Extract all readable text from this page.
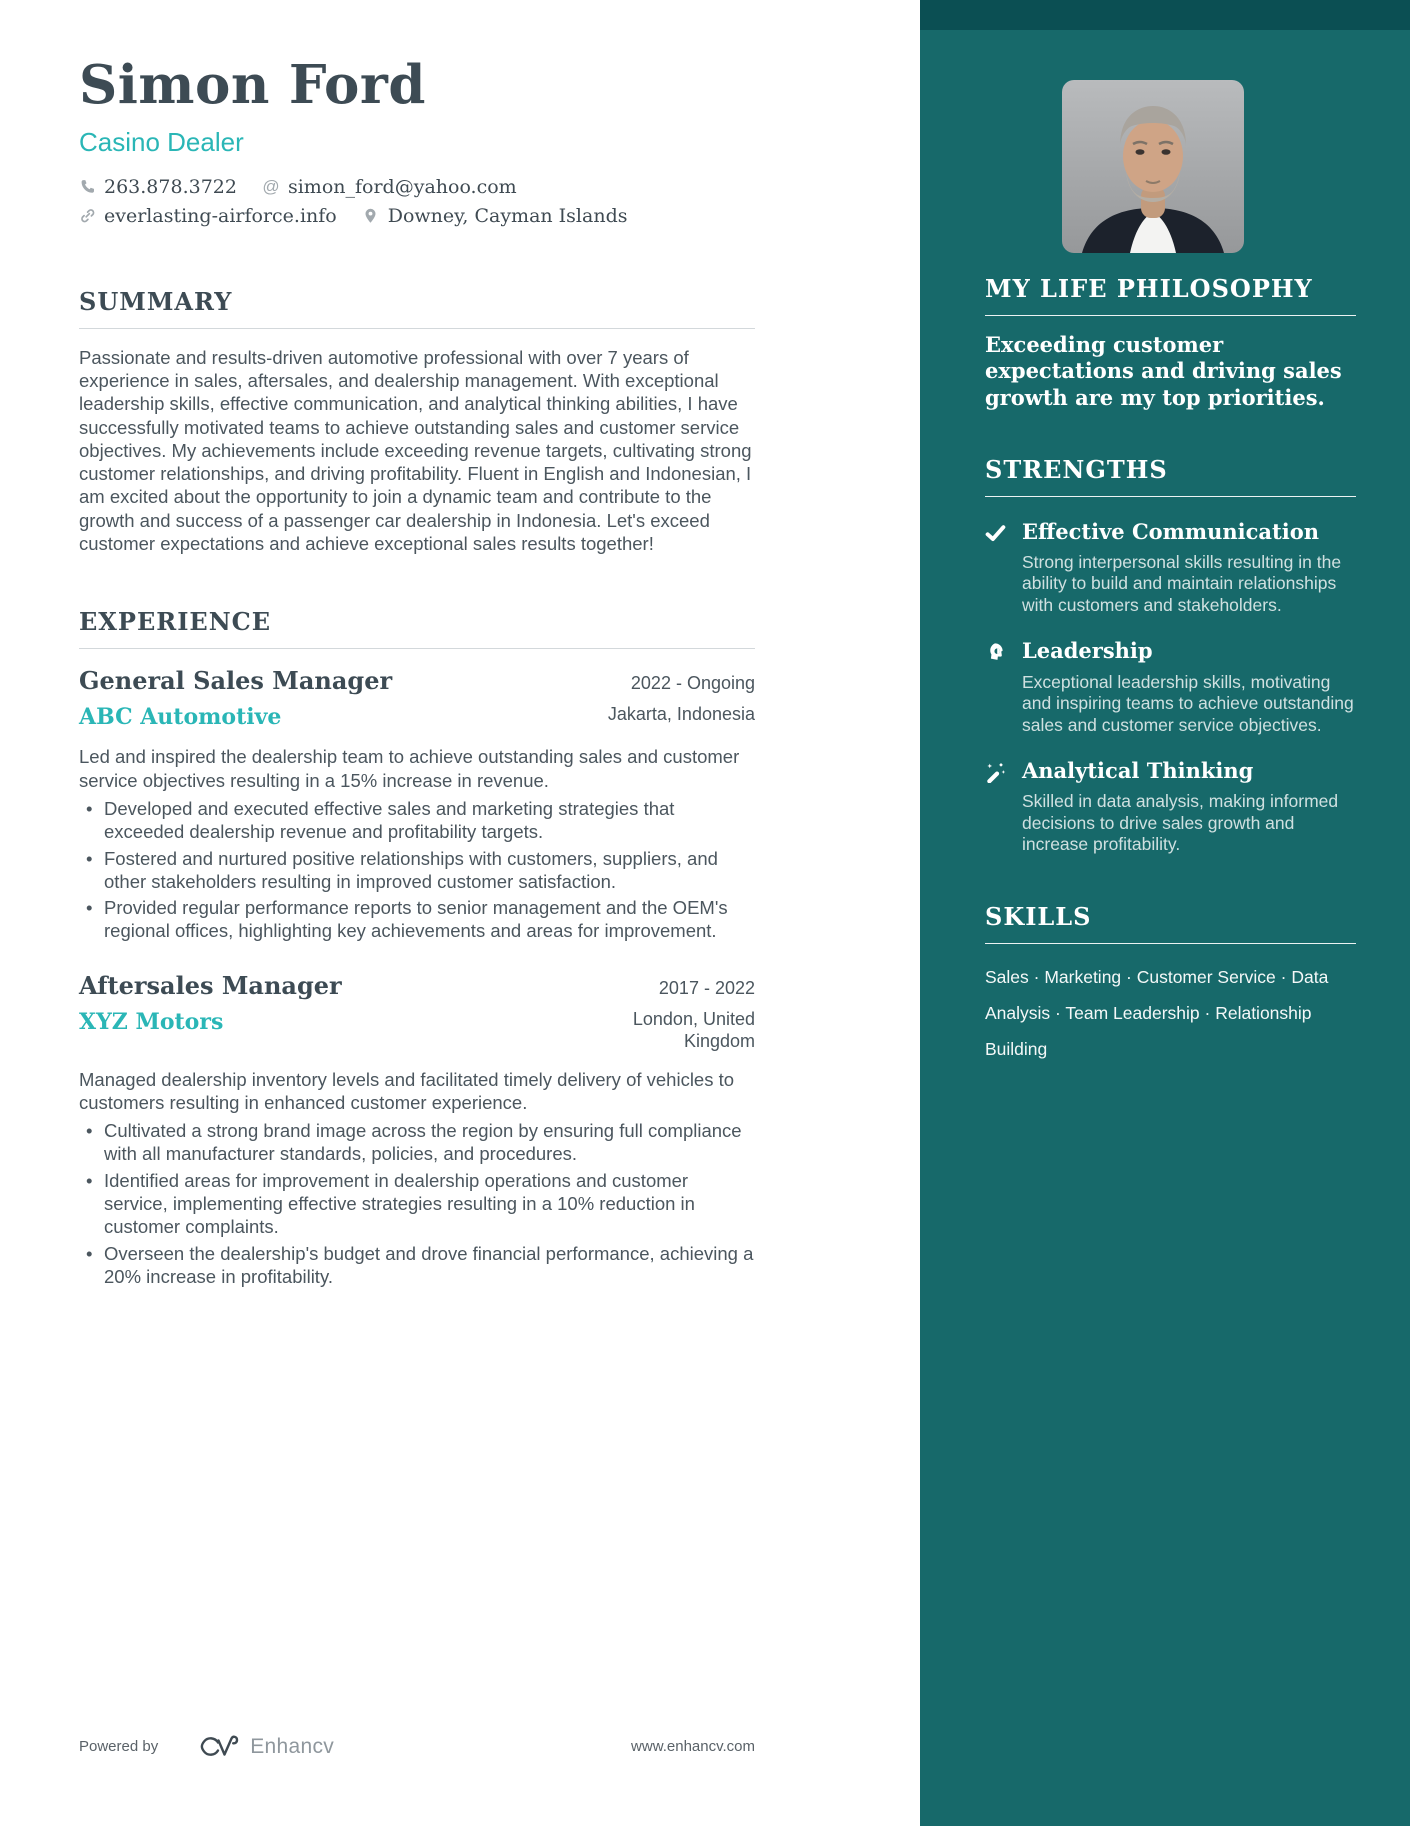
Simon Ford
Casino Dealer
263.878.3722 @ simon_ford@yahoo.com
everlasting-airforce.info	Downey, Cayman Islands
SUMMARY

Passionate and results-driven automotive professional with over 7 years of experience in sales, aftersales, and dealership management. With exceptional leadership skills, effective communication, and analytical thinking abilities, I have successfully motivated teams to achieve outstanding sales and customer service objectives. My achievements include exceeding revenue targets, cultivating strong customer relationships, and driving profitability. Fluent in English and Indonesian, I am excited about the opportunity to join a dynamic team and contribute to the growth and success of a passenger car dealership in Indonesia. Let's exceed customer expectations and achieve exceptional sales results together!

EXPERIENCE
General Sales Manager	2022 - Ongoing
ABC Automotive	Jakarta, Indonesia

Led and inspired the dealership team to achieve outstanding sales and customer service objectives resulting in a 15% increase in revenue.

• Developed and executed effective sales and marketing strategies that exceeded dealership revenue and profitability targets.
• Fostered and nurtured positive relationships with customers, suppliers, and other stakeholders resulting in improved customer satisfaction.
• Provided regular performance reports to senior management and the OEM's regional offices, highlighting key achievements and areas for improvement.
Aftersales Manager	2017 - 2022
XYZ Motors	London, United Kingdom

Managed dealership inventory levels and facilitated timely delivery of vehicles to customers resulting in enhanced customer experience.

• Cultivated a strong brand image across the region by ensuring full compliance with all manufacturer standards, policies, and procedures.
• Identified areas for improvement in dealership operations and customer service, implementing effective strategies resulting in a 10% reduction in customer complaints.
• Overseen the dealership's budget and drove financial performance, achieving a 20% increase in profitability.
MY LIFE PHILOSOPHY
Exceeding customer expectations and driving sales growth are my top priorities.
STRENGTHS
Effective Communication
Strong interpersonal skills resulting in the ability to build and maintain relationships with customers and stakeholders.
Leadership
Exceptional leadership skills, motivating and inspiring teams to achieve outstanding sales and customer service objectives.
Analytical Thinking
Skilled in data analysis, making informed decisions to drive sales growth and increase profitability.
SKILLS
Sales · Marketing · Customer Service · Data Analysis · Team Leadership · Relationship Building
Powered by	Enhancv	www.enhancv.com
